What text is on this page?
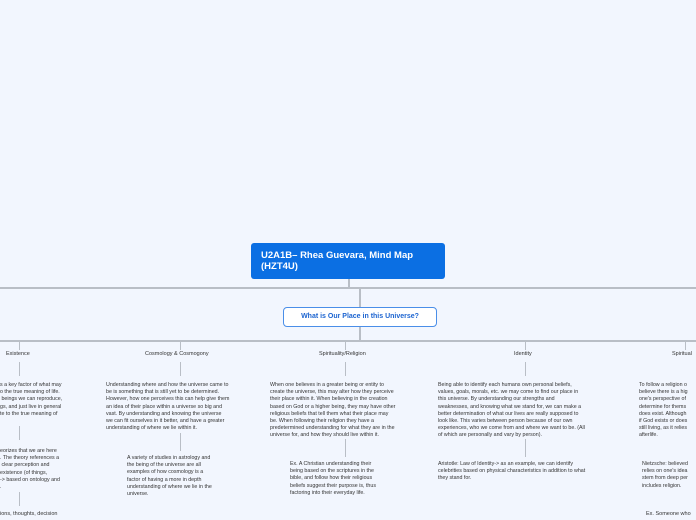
U2A1B– Rhea Guevara, Mind Map (HZT4U)
What is Our Place in this Universe?
Existence
s a key factor of what may
o the true meaning of life.
beings we can reproduce,
gs, and just live in general
te to the true meaning of
eorizes that we are here
. The theory references a
clear perception and
existence (of things,
-> based on ontology and
.
ions, thoughts, decision
Cosmology & Cosmogony
Understanding where and how the universe came to
be is something that is still yet to be determined.
However, how one perceives this can help give them
an idea of their place within a universe so big and
vast. By understanding and knowing the universe
we can fit ourselves in it better, and have a greater
understanding of where we lie within it.
A variety of studies in astrology and
the being of the universe are all
examples of how cosmology is a
factor of having a more in depth
understanding of where we lie in the
universe.
Spirituality/Religion
When one believes in a greater being or entity to
create the universe, this may alter how they perceive
their place within it. When believing in the creation
based on God or a higher being, they may have other
religious beliefs that tell them what their place may
be. When following their religion they have a
predetermined understanding for what they are in the
universe for, and how they should live within it.
Ex. A Christian understanding their
being based on the scriptures in the
bible, and follow how their religious
beliefs suggest their purpose is, thus
factoring into their everyday life.
Identity
Being able to identify each humans own personal beliefs,
values, goals, morals, etc. we may come to find our place in
this universe. By understanding our strengths and
weaknesses, and knowing what we stand for, we can make a
better determination of what our lives are really supposed to
look like. This varies between person because of our own
experiences, who we come from and where we want to be. (All
of which are personally and vary by person).
Aristotle: Law of Identity-> as an example, we can identify
celebrities based on physical characteristics in addition to what
they stand for.
Spiritual
To follow a religion o
believe there is a hig
one's perspective of
determine for thems
does exist. Although
if God exists or does
still living, as it relies
afterlife.
Nietzsche: believed
relies on one's idea
stem from deep per
includes religion.
Ex. Someone who
